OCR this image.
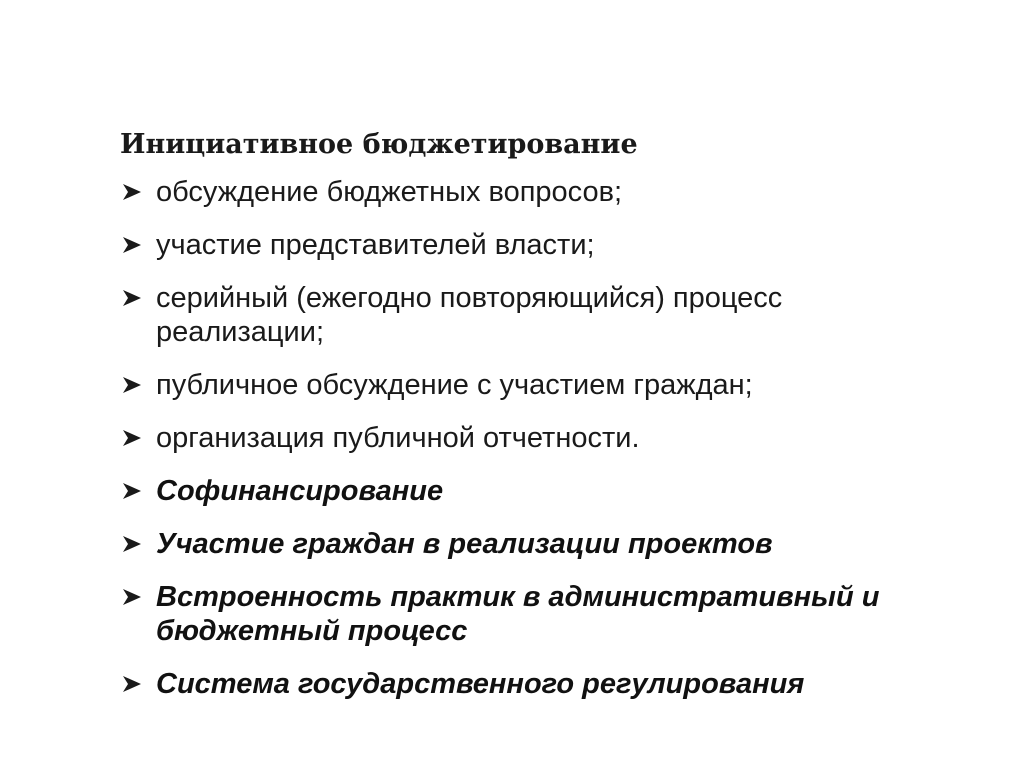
Инициативное бюджетирование
обсуждение бюджетных вопросов;
участие представителей власти;
серийный (ежегодно повторяющийся) процесс реализации;
публичное обсуждение с участием граждан;
организация публичной отчетности.
Софинансирование
Участие граждан в реализации проектов
Встроенность практик в административный и бюджетный процесс
Система государственного регулирования
